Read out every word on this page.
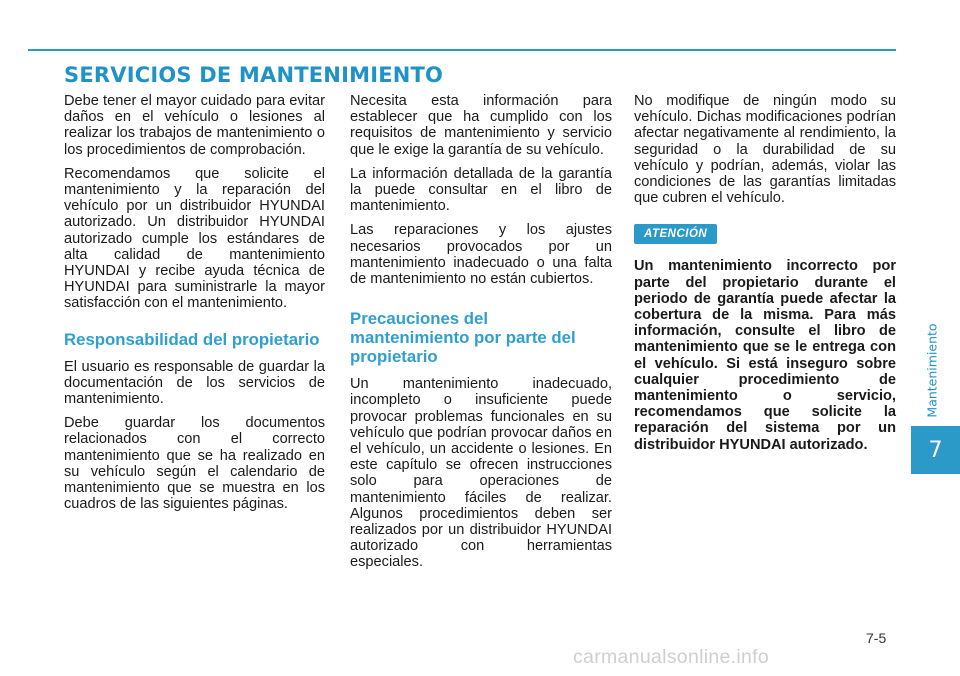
SERVICIOS DE MANTENIMIENTO

Debe tener el mayor cuidado para evitar daños en el vehículo o lesiones al realizar los trabajos de mantenimiento o los procedimientos de comprobación.

Recomendamos que solicite el mantenimiento y la reparación del vehículo por un distribuidor HYUNDAI autorizado. Un distribuidor HYUNDAI autorizado cumple los estándares de alta calidad de mantenimiento HYUNDAI y recibe ayuda técnica de HYUNDAI para suministrarle la mayor satisfacción con el mantenimiento.

Responsabilidad del propietario

El usuario es responsable de guardar la documentación de los servicios de mantenimiento.

Debe guardar los documentos relacionados con el correcto mantenimiento que se ha realizado en su vehículo según el calendario de mantenimiento que se muestra en los cuadros de las siguientes páginas.

Necesita esta información para establecer que ha cumplido con los requisitos de mantenimiento y servicio que le exige la garantía de su vehículo.

La información detallada de la garantía la puede consultar en el libro de mantenimiento.

Las reparaciones y los ajustes necesarios provocados por un mantenimiento inadecuado o una falta de mantenimiento no están cubiertos.

Precauciones del mantenimiento por parte del propietario

Un mantenimiento inadecuado, incompleto o insuficiente puede provocar problemas funcionales en su vehículo que podrían provocar daños en el vehículo, un accidente o lesiones. En este capítulo se ofrecen instrucciones solo para operaciones de mantenimiento fáciles de realizar. Algunos procedimientos deben ser realizados por un distribuidor HYUNDAI autorizado con herramientas especiales.

No modifique de ningún modo su vehículo. Dichas modificaciones podrían afectar negativamente al rendimiento, la seguridad o la durabilidad de su vehículo y podrían, además, violar las condiciones de las garantías limitadas que cubren el vehículo.

ATENCIÓN

Un mantenimiento incorrecto por parte del propietario durante el periodo de garantía puede afectar la cobertura de la misma. Para más información, consulte el libro de mantenimiento que se le entrega con el vehículo. Si está inseguro sobre cualquier procedimiento de mantenimiento o servicio, recomendamos que solicite la reparación del sistema por un distribuidor HYUNDAI autorizado.

Mantenimiento
7
7-5
carmanualsonline.info
